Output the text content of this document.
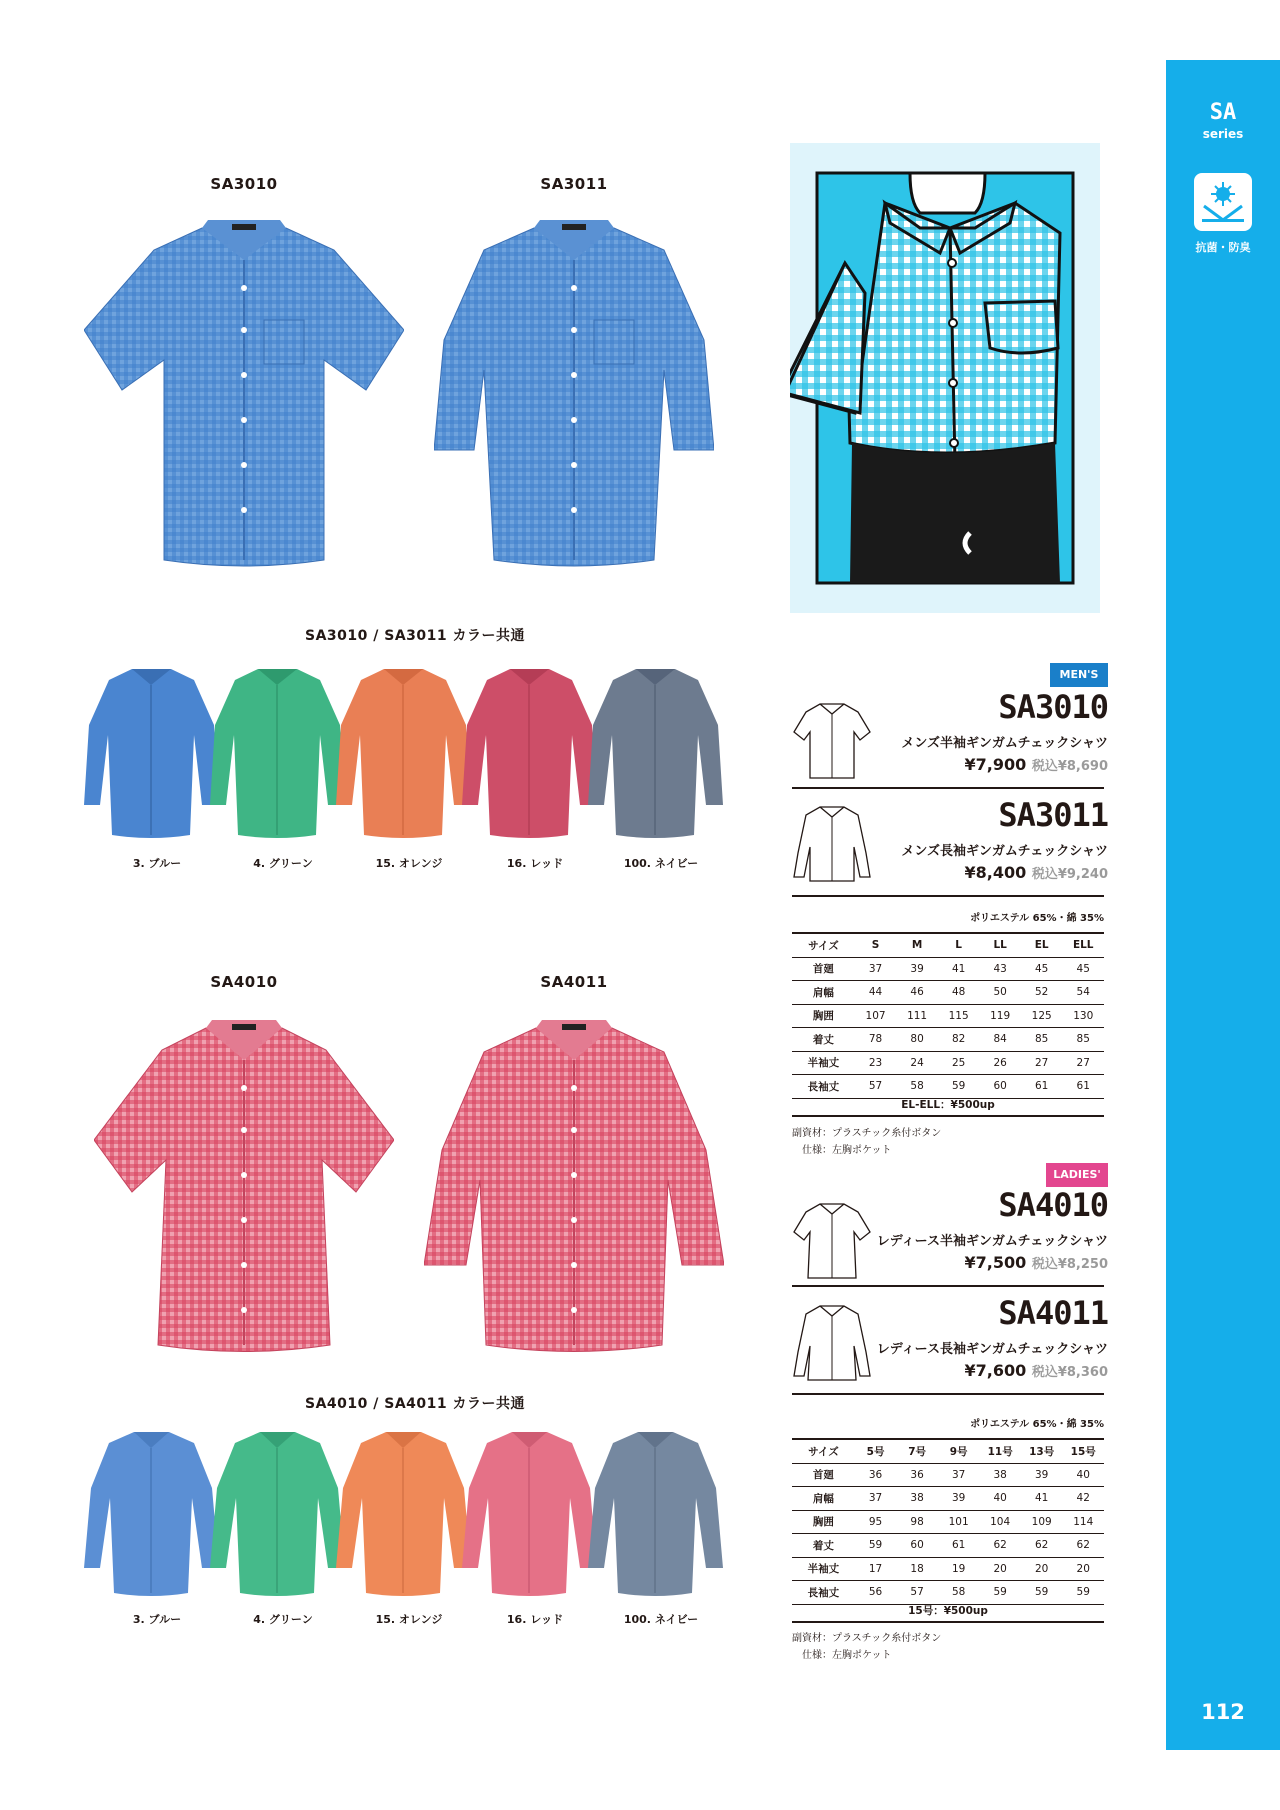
SA
series
抗菌・防臭
112
SA3010	SA3011
SA3010 / SA3011 カラー共通
3. ブルー	4. グリーン	15. オレンジ	16. レッド	100. ネイビー
SA4010	SA4011
SA4010 / SA4011 カラー共通
3. ブルー	4. グリーン	15. オレンジ	16. レッド	100. ネイビー
MEN'S
SA3010
メンズ半袖ギンガムチェックシャツ
¥7,900 税込¥8,690
SA3011
メンズ長袖ギンガムチェックシャツ
¥8,400 税込¥9,240
ポリエステル 65%・綿 35%
サイズ	S	M	L	LL	EL	ELL
首廻	37	39	41	43	45	45
肩幅	44	46	48	50	52	54
胸囲	107	111	115	119	125	130
着丈	78	80	82	84	85	85
半袖丈	23	24	25	26	27	27
長袖丈	57	58	59	60	61	61
EL-ELL：¥500up
副資材：プラスチック糸付ボタン
仕様：左胸ポケット
LADIES'
SA4010
レディース半袖ギンガムチェックシャツ
¥7,500 税込¥8,250
SA4011
レディース長袖ギンガムチェックシャツ
¥7,600 税込¥8,360
ポリエステル 65%・綿 35%
サイズ	5号	7号	9号	11号	13号	15号
首廻	36	36	37	38	39	40
肩幅	37	38	39	40	41	42
胸囲	95	98	101	104	109	114
着丈	59	60	61	62	62	62
半袖丈	17	18	19	20	20	20
長袖丈	56	57	58	59	59	59
15号：¥500up
副資材：プラスチック糸付ボタン
仕様：左胸ポケット
